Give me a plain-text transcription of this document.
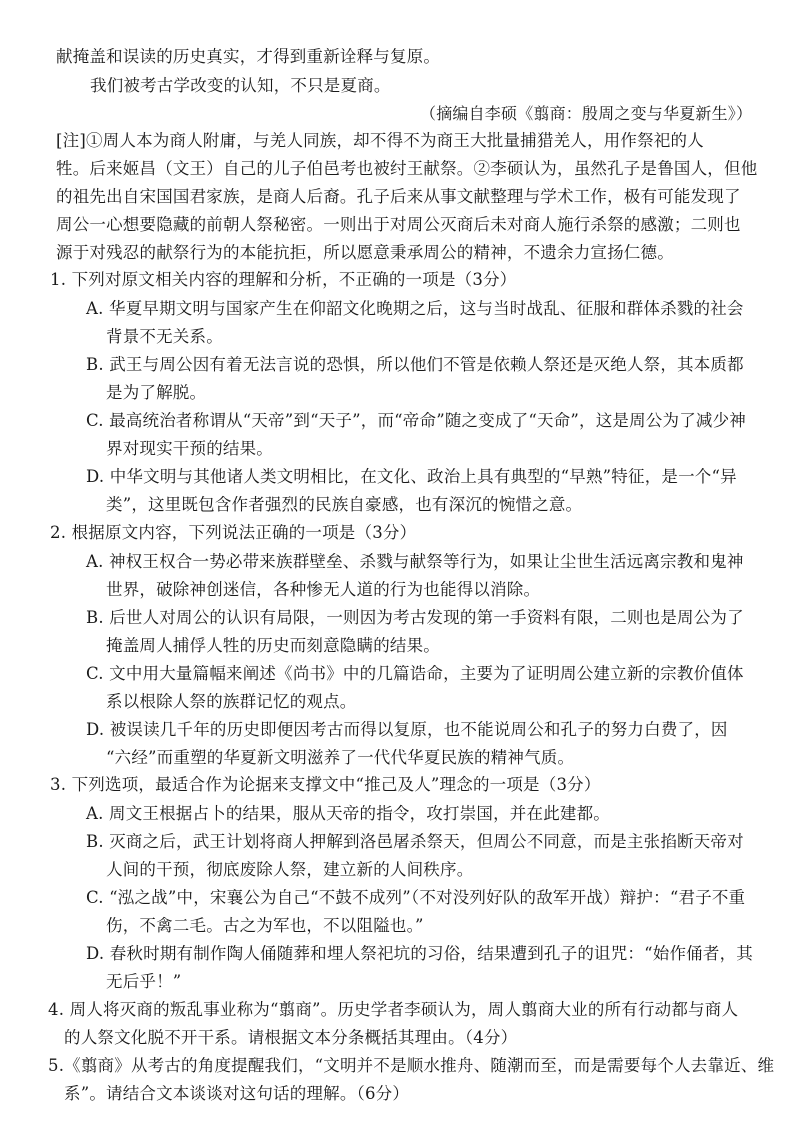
献掩盖和误读的历史真实，才得到重新诠释与复原。
我们被考古学改变的认知，不只是夏商。
（摘编自李硕《翦商：殷周之变与华夏新生》）
[注]①周人本为商人附庸，与羌人同族，却不得不为商王大批量捕猎羌人，用作祭祀的人
牲。后来姬昌（文王）自己的儿子伯邑考也被纣王献祭。②李硕认为，虽然孔子是鲁国人，但他
的祖先出自宋国国君家族，是商人后裔。孔子后来从事文献整理与学术工作，极有可能发现了
周公一心想要隐藏的前朝人祭秘密。一则出于对周公灭商后未对商人施行杀祭的感激；二则也
源于对残忍的献祭行为的本能抗拒，所以愿意秉承周公的精神，不遗余力宣扬仁德。
1. 下列对原文相关内容的理解和分析，不正确的一项是（3分）
A. 华夏早期文明与国家产生在仰韶文化晚期之后，这与当时战乱、征服和群体杀戮的社会
背景不无关系。
B. 武王与周公因有着无法言说的恐惧，所以他们不管是依赖人祭还是灭绝人祭，其本质都
是为了解脱。
C. 最高统治者称谓从“天帝”到“天子”，而“帝命”随之变成了“天命”，这是周公为了减少神
界对现实干预的结果。
D. 中华文明与其他诸人类文明相比，在文化、政治上具有典型的“早熟”特征，是一个“异
类”，这里既包含作者强烈的民族自豪感，也有深沉的惋惜之意。
2. 根据原文内容，下列说法正确的一项是（3分）
A. 神权王权合一势必带来族群壁垒、杀戮与献祭等行为，如果让尘世生活远离宗教和鬼神
世界，破除神创迷信，各种惨无人道的行为也能得以消除。
B. 后世人对周公的认识有局限，一则因为考古发现的第一手资料有限，二则也是周公为了
掩盖周人捕俘人牲的历史而刻意隐瞒的结果。
C. 文中用大量篇幅来阐述《尚书》中的几篇诰命，主要为了证明周公建立新的宗教价值体
系以根除人祭的族群记忆的观点。
D. 被误读几千年的历史即便因考古而得以复原，也不能说周公和孔子的努力白费了，因
“六经”而重塑的华夏新文明滋养了一代代华夏民族的精神气质。
3. 下列选项，最适合作为论据来支撑文中“推己及人”理念的一项是（3分）
A. 周文王根据占卜的结果，服从天帝的指令，攻打崇国，并在此建都。
B. 灭商之后，武王计划将商人押解到洛邑屠杀祭天，但周公不同意，而是主张掐断天帝对
人间的干预，彻底废除人祭，建立新的人间秩序。
C. “泓之战”中，宋襄公为自己“不鼓不成列”（不对没列好队的敌军开战）辩护：“君子不重
伤，不禽二毛。古之为军也，不以阻隘也。”
D. 春秋时期有制作陶人俑随葬和埋人祭祀坑的习俗，结果遭到孔子的诅咒：“始作俑者，其
无后乎！”
4. 周人将灭商的叛乱事业称为“翦商”。历史学者李硕认为，周人翦商大业的所有行动都与商人
的人祭文化脱不开干系。请根据文本分条概括其理由。（4分）
5.《翦商》从考古的角度提醒我们，“文明并不是顺水推舟、随潮而至，而是需要每个人去靠近、维
系”。请结合文本谈谈对这句话的理解。（6分）
